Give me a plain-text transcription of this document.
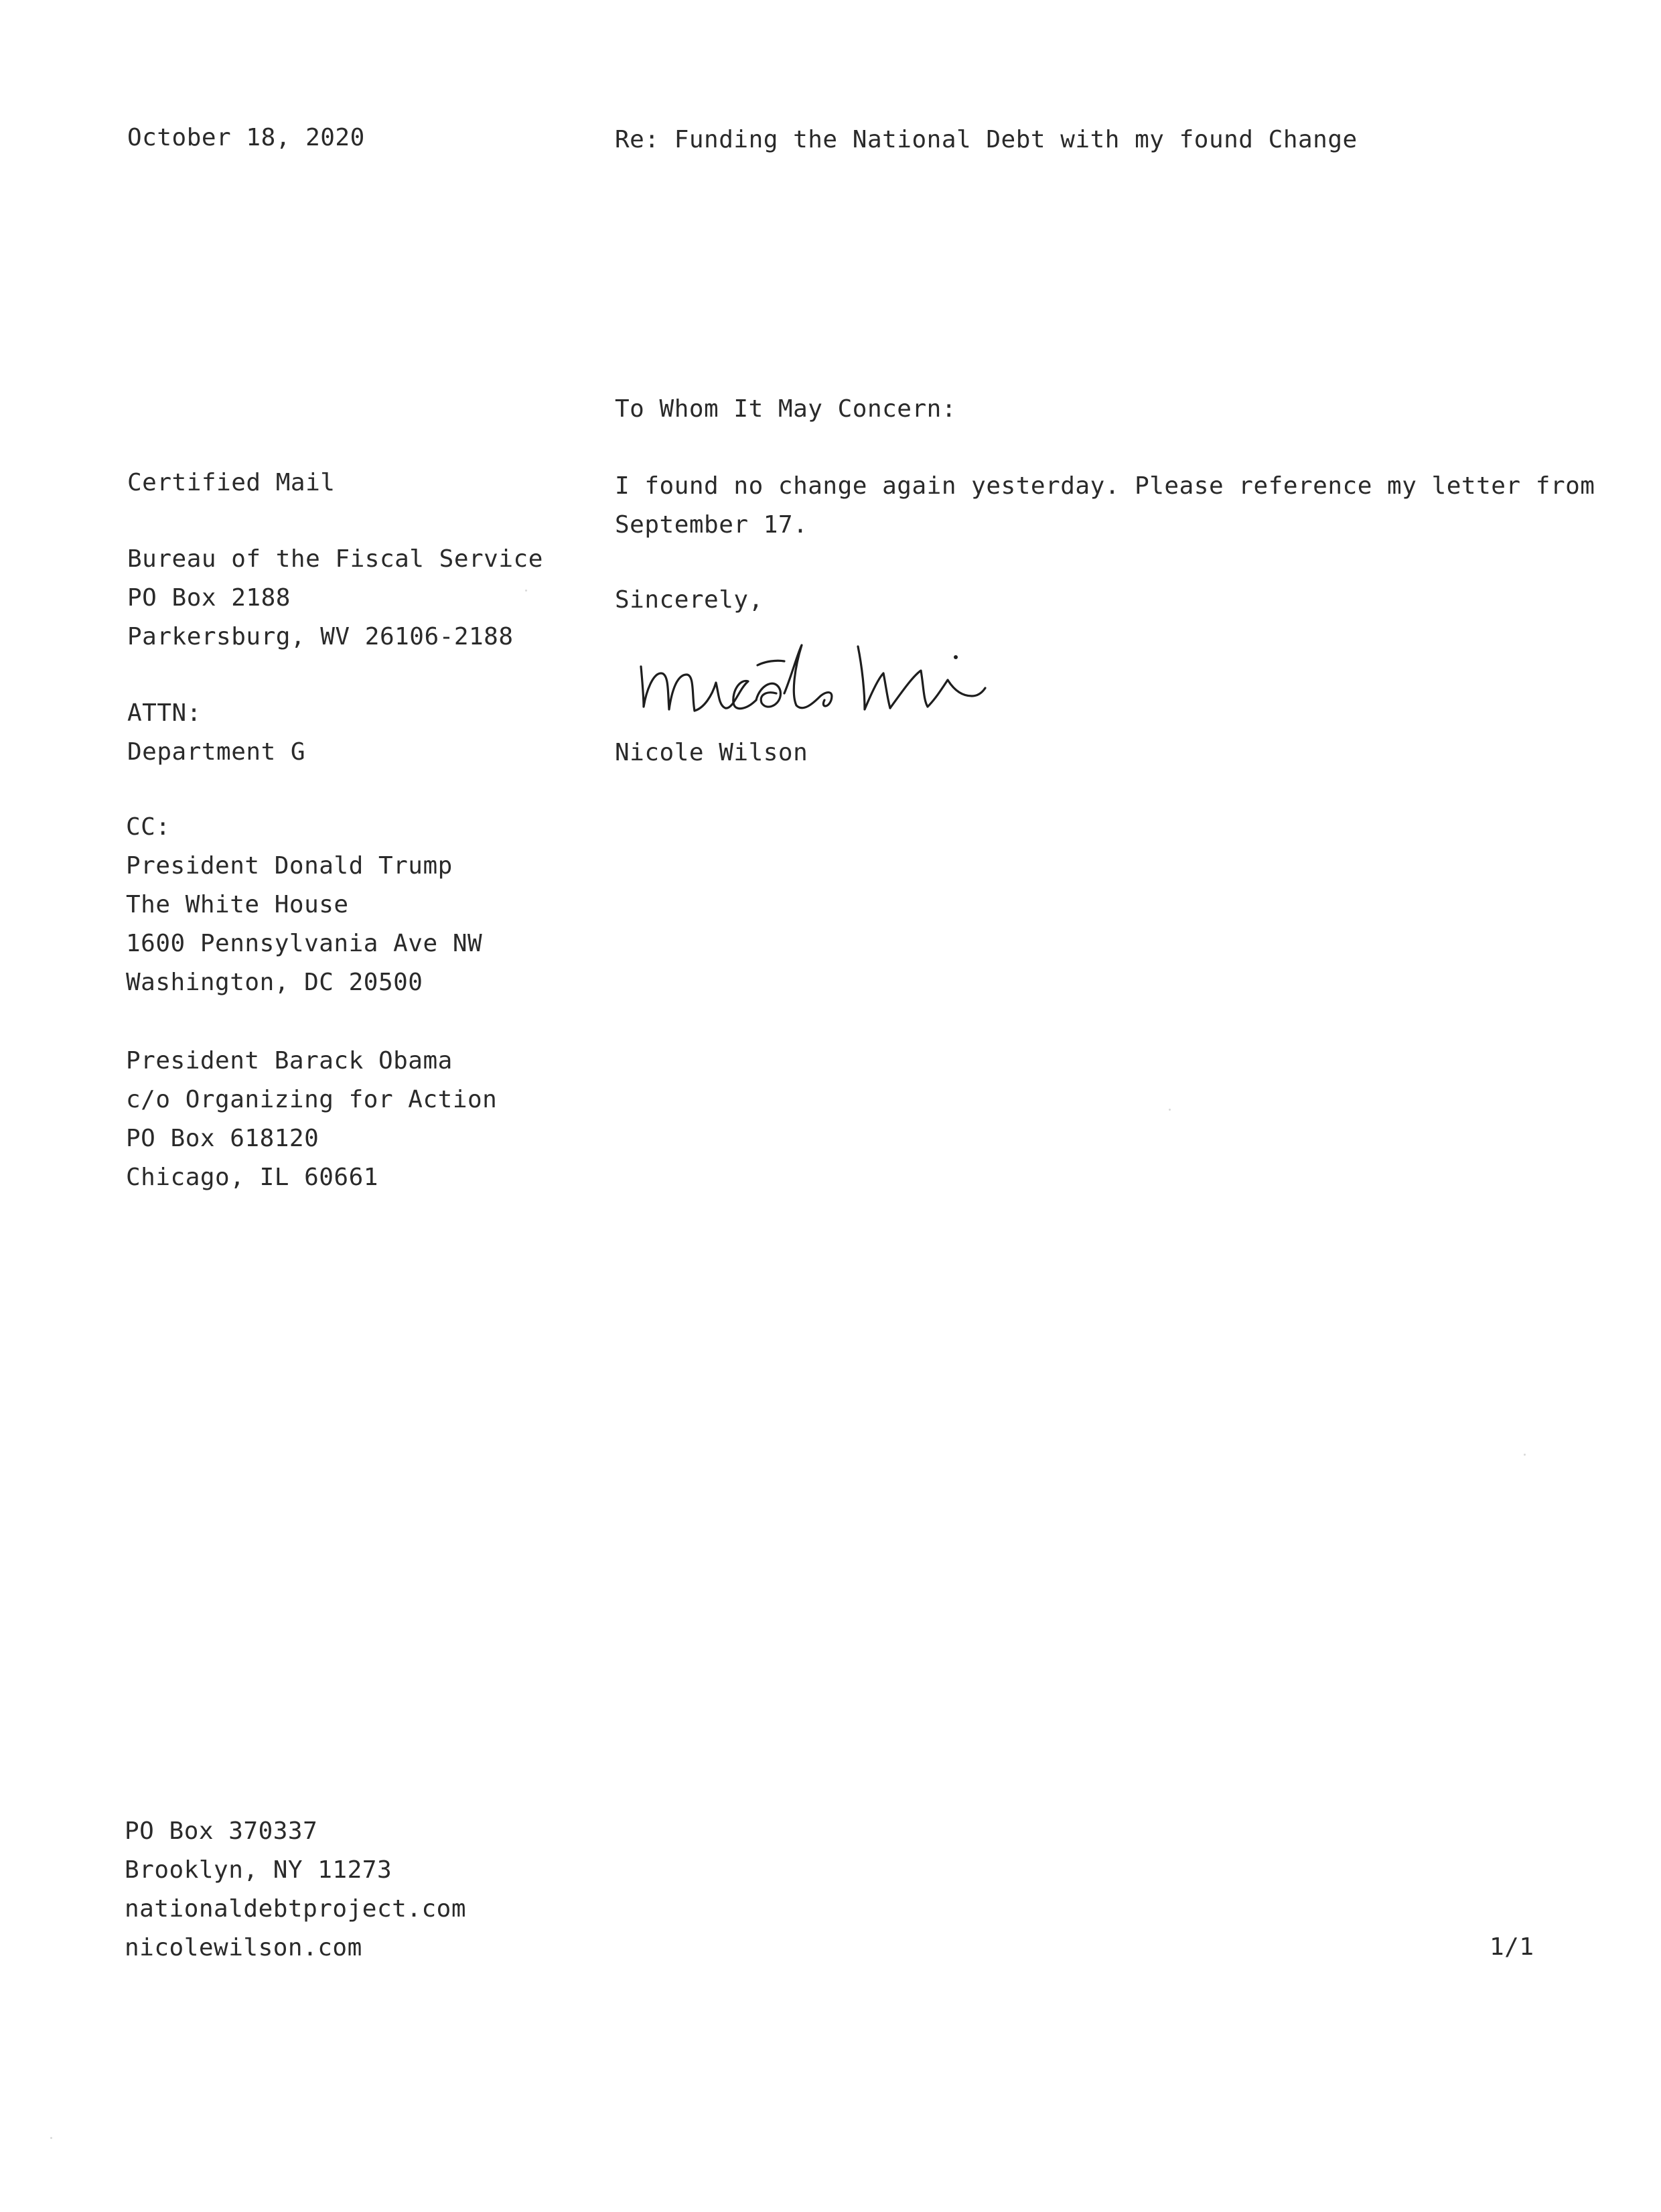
October 18, 2020	Re: Funding the National Debt with my found Change
To Whom It May Concern:
I found no change again yesterday. Please reference my letter from
September 17.
Sincerely,
Nicole Wilson
Certified Mail
Bureau of the Fiscal Service
PO Box 2188
Parkersburg, WV 26106-2188
ATTN:
Department G
CC:
President Donald Trump
The White House
1600 Pennsylvania Ave NW
Washington, DC 20500
President Barack Obama
c/o Organizing for Action
PO Box 618120
Chicago, IL 60661
PO Box 370337
Brooklyn, NY 11273
nationaldebtproject.com
nicolewilson.com	1/1
